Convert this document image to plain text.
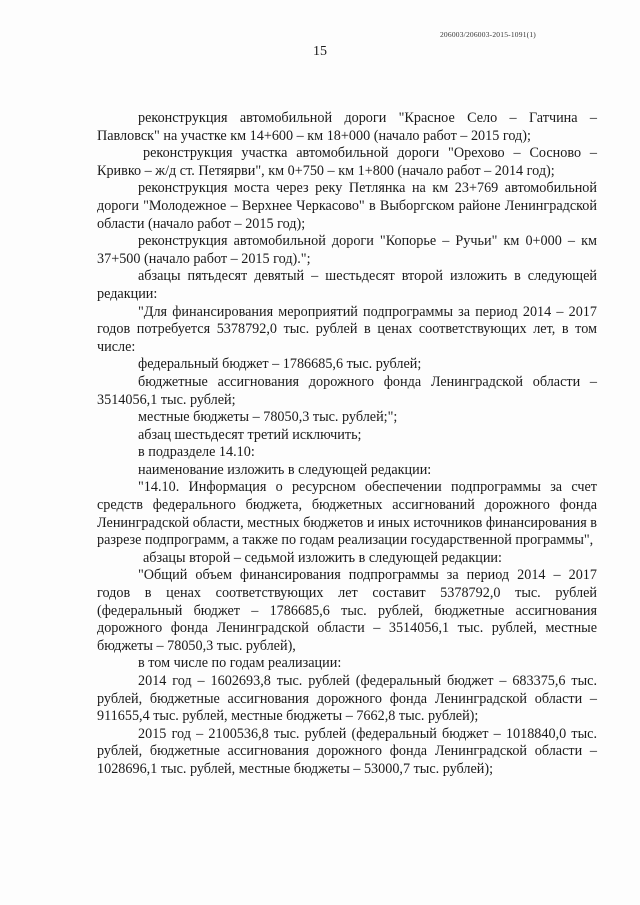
206003/206003-2015-1091(1)
15

реконструкция автомобильной дороги "Красное Село – Гатчина – Павловск" на участке км 14+600 – км 18+000 (начало работ – 2015 год);

реконструкция участка автомобильной дороги "Орехово – Сосново – Кривко – ж/д ст. Петяярви", км 0+750 – км 1+800 (начало работ – 2014 год);

реконструкция моста через реку Петлянка на км 23+769 автомобильной дороги "Молодежное – Верхнее Черкасово" в Выборгском районе Ленинградской области (начало работ – 2015 год);

реконструкция автомобильной дороги "Копорье – Ручьи" км 0+000 – км 37+500 (начало работ – 2015 год).";

абзацы пятьдесят девятый – шестьдесят второй изложить в следующей редакции:

"Для финансирования мероприятий подпрограммы за период 2014 – 2017 годов потребуется 5378792,0 тыс. рублей в ценах соответствующих лет, в том числе:

федеральный бюджет – 1786685,6 тыс. рублей;

бюджетные ассигнования дорожного фонда Ленинградской области – 3514056,1 тыс. рублей;

местные бюджеты – 78050,3 тыс. рублей;";

абзац шестьдесят третий исключить;

в подразделе 14.10:

наименование изложить в следующей редакции:

"14.10. Информация о ресурсном обеспечении подпрограммы за счет средств федерального бюджета, бюджетных ассигнований дорожного фонда Ленинградской области, местных бюджетов и иных источников финансирования в разрезе подпрограмм, а также по годам реализации государственной программы",

абзацы второй – седьмой изложить в следующей редакции:

"Общий объем финансирования подпрограммы за период 2014 – 2017 годов в ценах соответствующих лет составит 5378792,0 тыс. рублей (федеральный бюджет – 1786685,6 тыс. рублей, бюджетные ассигнования дорожного фонда Ленинградской области – 3514056,1 тыс. рублей, местные бюджеты – 78050,3 тыс. рублей),

в том числе по годам реализации:

2014 год – 1602693,8 тыс. рублей (федеральный бюджет – 683375,6 тыс. рублей, бюджетные ассигнования дорожного фонда Ленинградской области – 911655,4 тыс. рублей, местные бюджеты – 7662,8 тыс. рублей);

2015 год – 2100536,8 тыс. рублей (федеральный бюджет – 1018840,0 тыс. рублей, бюджетные ассигнования дорожного фонда Ленинградской области – 1028696,1 тыс. рублей, местные бюджеты – 53000,7 тыс. рублей);
